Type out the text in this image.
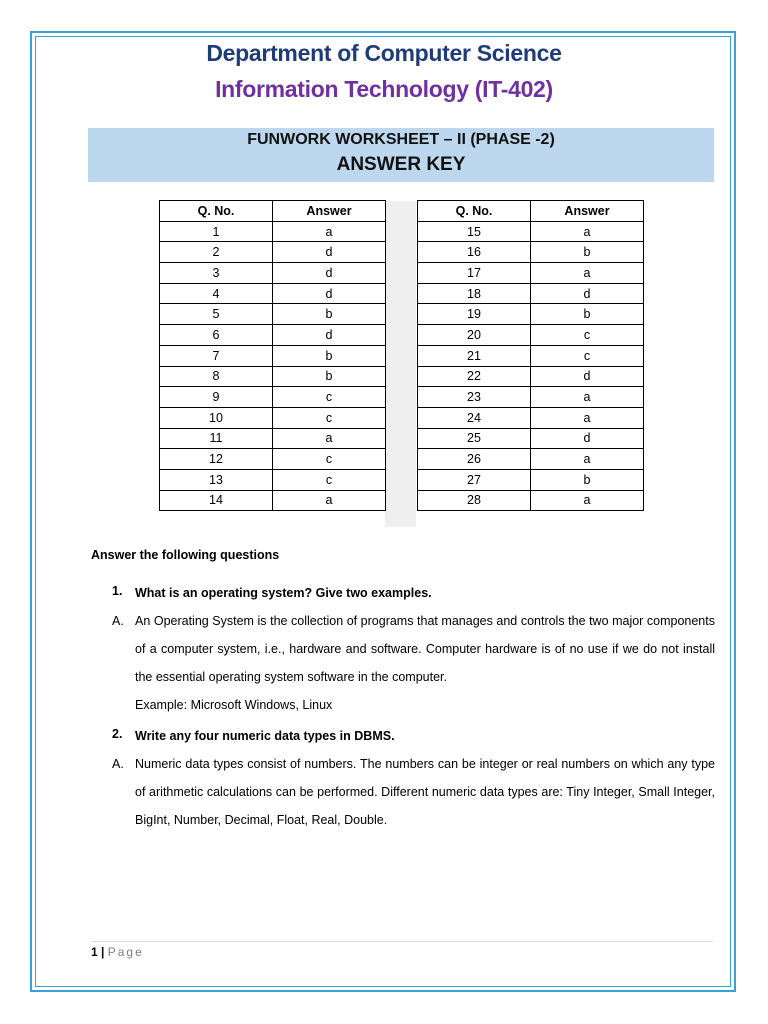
Department of Computer Science
Information Technology (IT-402)
FUNWORK WORKSHEET – II (PHASE -2)
ANSWER KEY
Q. No.	Answer
1	a
2	d
3	d
4	d
5	b
6	d
7	b
8	b
9	c
10	c
11	a
12	c
13	c
14	a
Q. No.	Answer
15	a
16	b
17	a
18	d
19	b
20	c
21	c
22	d
23	a
24	a
25	d
26	a
27	b
28	a
Answer the following questions
1. What is an operating system? Give two examples.
A. An Operating System is the collection of programs that manages and controls the two major components of a computer system, i.e., hardware and software. Computer hardware is of no use if we do not install the essential operating system software in the computer.
Example: Microsoft Windows, Linux
2. Write any four numeric data types in DBMS.
A. Numeric data types consist of numbers. The numbers can be integer or real numbers on which any type of arithmetic calculations can be performed. Different numeric data types are: Tiny Integer, Small Integer, BigInt, Number, Decimal, Float, Real, Double.
1 | Page
